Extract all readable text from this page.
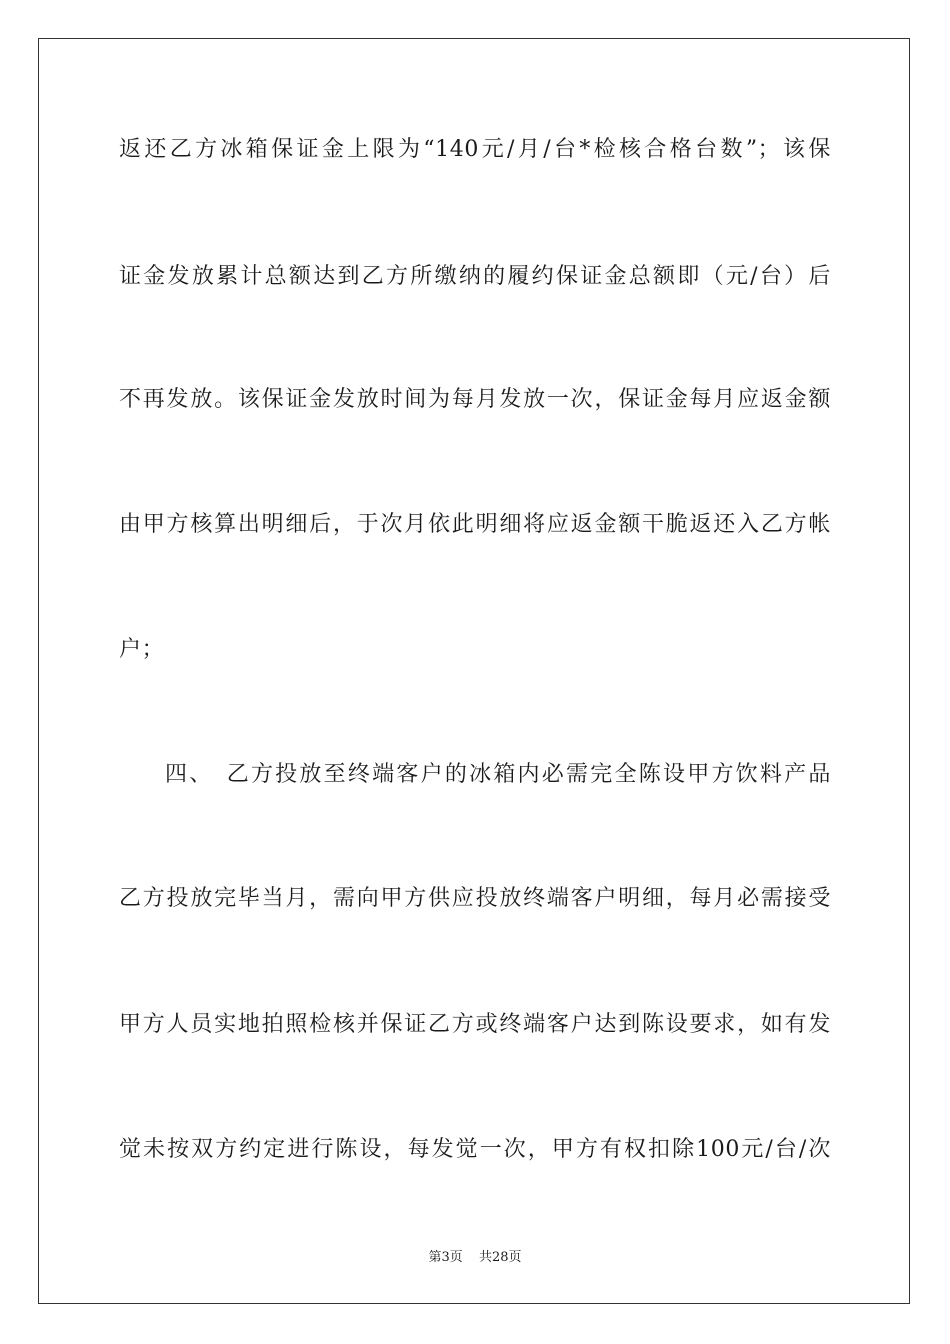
返还乙方冰箱保证金上限为“140元/月/台*检核合格台数”；该保
证金发放累计总额达到乙方所缴纳的履约保证金总额即（元/台）后
不再发放。该保证金发放时间为每月发放一次，保证金每月应返金额
由甲方核算出明细后，于次月依此明细将应返金额干脆返还入乙方帐
户；
四、　乙方投放至终端客户的冰箱内必需完全陈设甲方饮料产品
乙方投放完毕当月，需向甲方供应投放终端客户明细，每月必需接受
甲方人员实地拍照检核并保证乙方或终端客户达到陈设要求，如有发
觉未按双方约定进行陈设，每发觉一次，甲方有权扣除100元/台/次
第3页 共28页
